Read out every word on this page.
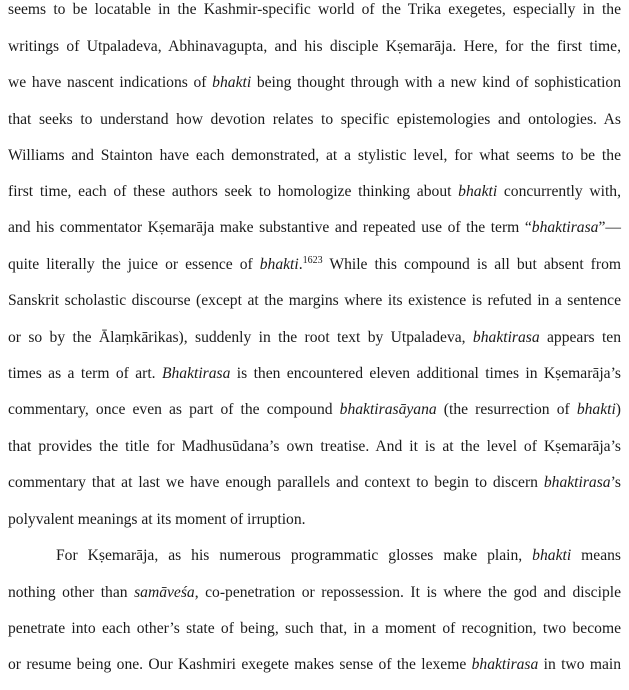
seems to be locatable in the Kashmir-specific world of the Trika exegetes, especially in the
writings of Utpaladeva, Abhinavagupta, and his disciple Kṣemarāja. Here, for the first time,
we have nascent indications of bhakti being thought through with a new kind of sophistication
that seeks to understand how devotion relates to specific epistemologies and ontologies. As
Williams and Stainton have each demonstrated, at a stylistic level, for what seems to be the
first time, each of these authors seek to homologize thinking about bhakti concurrently with,
and his commentator Kṣemarāja make substantive and repeated use of the term “bhaktirasa”—
quite literally the juice or essence of bhakti.$^{1623}$ While this compound is all but absent from
Sanskrit scholastic discourse (except at the margins where its existence is refuted in a sentence
or so by the Ālaṃkārikas), suddenly in the root text by Utpaladeva, bhaktirasa appears ten
times as a term of art. Bhaktirasa is then encountered eleven additional times in Kṣemarāja’s
commentary, once even as part of the compound bhaktirasāyana (the resurrection of bhakti)
that provides the title for Madhusūdana’s own treatise. And it is at the level of Kṣemarāja’s
commentary that at last we have enough parallels and context to begin to discern bhaktirasa’s
polyvalent meanings at its moment of irruption.
For Kṣemarāja, as his numerous programmatic glosses make plain, bhakti means
nothing other than samāveśa, co-penetration or repossession. It is where the god and disciple
penetrate into each other’s state of being, such that, in a moment of recognition, two become
or resume being one. Our Kashmiri exegete makes sense of the lexeme bhaktirasa in two main
